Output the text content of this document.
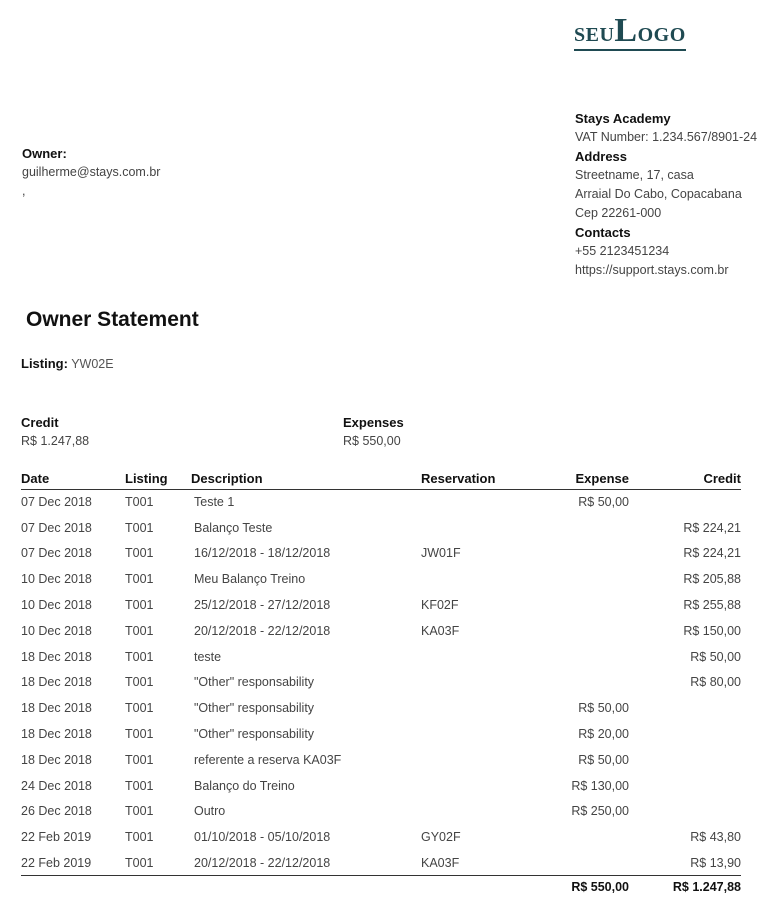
seuLogo
Owner:
guilherme@stays.com.br
,
Stays Academy
VAT Number: 1.234.567/8901-24
Address
Streetname, 17, casa
Arraial Do Cabo, Copacabana
Cep 22261-000
Contacts
+55 2123451234
https://support.stays.com.br
Owner Statement
Listing: YW02E
Credit
R$ 1.247,88
Expenses
R$ 550,00
Date	Listing	Description	Reservation	Expense	Credit
07 Dec 2018	T001	Teste 1		R$ 50,00	
07 Dec 2018	T001	Balanço Teste			R$ 224,21
07 Dec 2018	T001	16/12/2018 - 18/12/2018	JW01F		R$ 224,21
10 Dec 2018	T001	Meu Balanço Treino			R$ 205,88
10 Dec 2018	T001	25/12/2018 - 27/12/2018	KF02F		R$ 255,88
10 Dec 2018	T001	20/12/2018 - 22/12/2018	KA03F		R$ 150,00
18 Dec 2018	T001	teste			R$ 50,00
18 Dec 2018	T001	"Other" responsability			R$ 80,00
18 Dec 2018	T001	"Other" responsability		R$ 50,00	
18 Dec 2018	T001	"Other" responsability		R$ 20,00	
18 Dec 2018	T001	referente a reserva KA03F		R$ 50,00	
24 Dec 2018	T001	Balanço do Treino		R$ 130,00	
26 Dec 2018	T001	Outro		R$ 250,00	
22 Feb 2019	T001	01/10/2018 - 05/10/2018	GY02F		R$ 43,80
22 Feb 2019	T001	20/12/2018 - 22/12/2018	KA03F		R$ 13,90
				R$ 550,00	R$ 1.247,88
